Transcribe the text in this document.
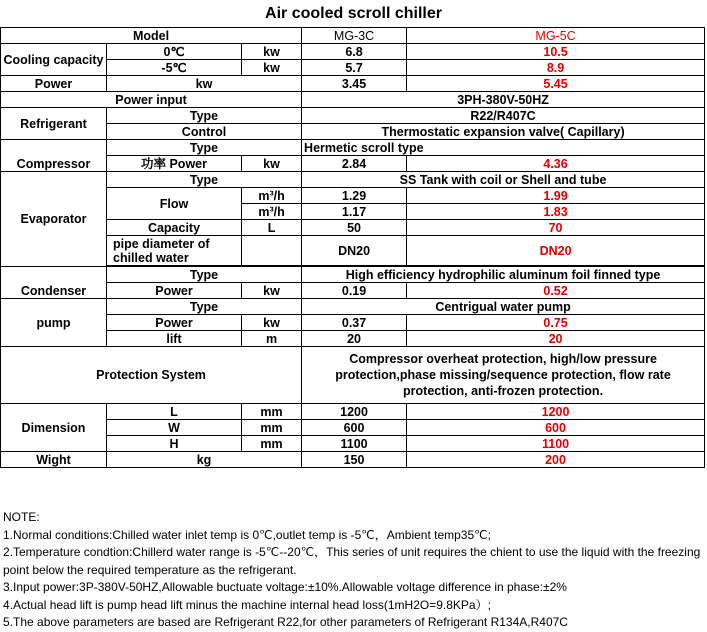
Air cooled scroll chiller
Model			MG-3C	MG-5C
Cooling capacity	0℃	kw	6.8	10.5
	-5℃	kw	5.7	8.9
Power	kw		3.45	5.45
Power input			3PH-380V-50HZ	
Refrigerant	Type		R22/R407C	
	Control		Thermostatic expansion valve( Capillary)	
Compressor	Type		Hermetic scroll type	
	功率 Power	kw	2.84	4.36
Evaporator	Type		SS Tank with coil or Shell and tube	
	Flow	m³/h	1.29	1.99
		m³/h	1.17	1.83
	Capacity	L	50	70
	pipe diameter of chilled water		DN20	DN20

Condenser	Type		High efficiency hydrophilic aluminum foil finned type	
	Power	kw	0.19	0.52
pump	Type		Centrigual water pump	
	Power	kw	0.37	0.75
	lift	m	20	20
Protection System			Compressor overheat protection, high/low pressure protection,phase missing/sequence protection, flow rate protection, anti-frozen protection.	
Dimension	L	mm	1200	1200
	W	mm	600	600
	H	mm	1100	1100
Wight	kg		150	200
NOTE:
1.Normal conditions:Chilled water inlet temp is 0℃,outlet temp is -5℃，Ambient temp35℃;
2.Temperature condtion:Chillerd water range is -5℃--20℃，This series of unit requires the chient to use the liquid with the freezing point below the required temperature as the refrigerant.
3.Input power:3P-380V-50HZ,Allowable buctuate voltage:±10%.Allowable voltage difference in phase:±2%
4.Actual head lift is pump head lift minus the machine internal head loss(1mH2O=9.8KPa）;
5.The above parameters are based are Refrigerant R22,for other parameters of Refrigerant R134A,R407C
